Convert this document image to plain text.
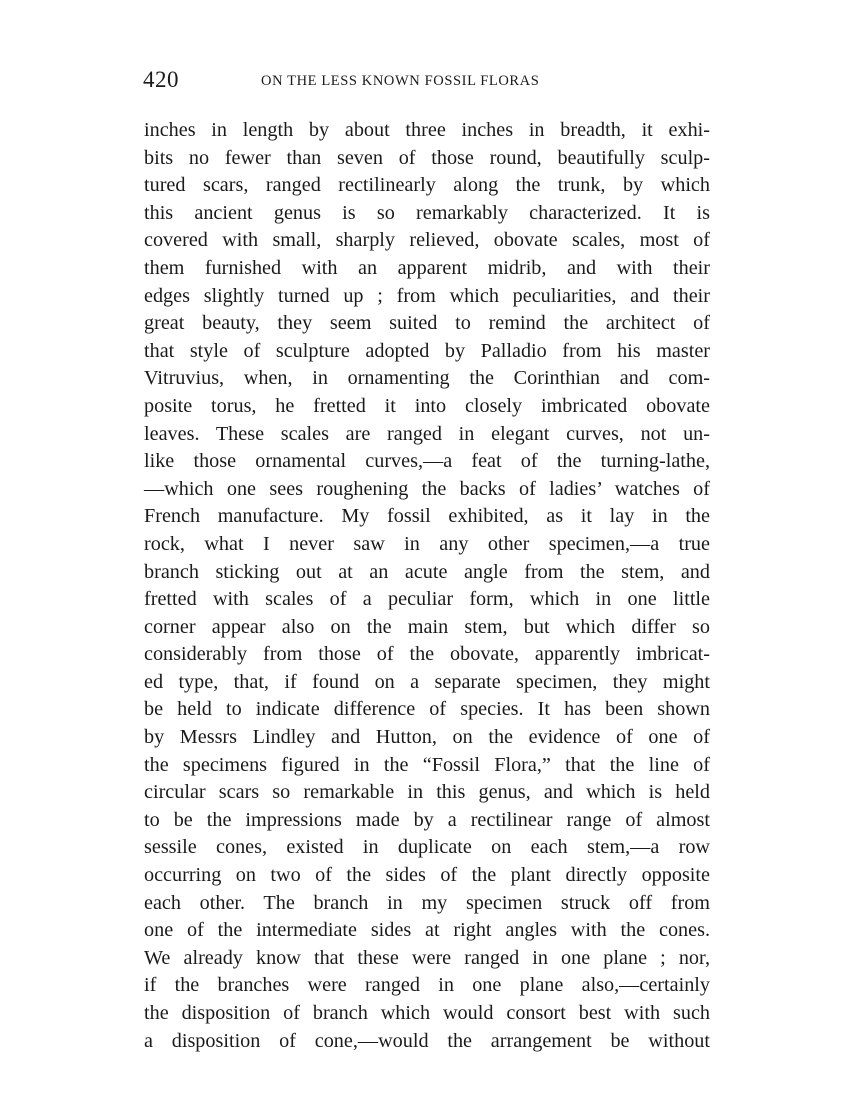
420	ON THE LESS KNOWN FOSSIL FLORAS
inches in length by about three inches in breadth, it exhi-
bits no fewer than seven of those round, beautifully sculp-
tured scars, ranged rectilinearly along the trunk, by which
this ancient genus is so remarkably characterized. It is
covered with small, sharply relieved, obovate scales, most of
them furnished with an apparent midrib, and with their
edges slightly turned up ; from which peculiarities, and their
great beauty, they seem suited to remind the architect of
that style of sculpture adopted by Palladio from his master
Vitruvius, when, in ornamenting the Corinthian and com-
posite torus, he fretted it into closely imbricated obovate
leaves. These scales are ranged in elegant curves, not un-
like those ornamental curves,—a feat of the turning-lathe,
—which one sees roughening the backs of ladies’ watches of
French manufacture. My fossil exhibited, as it lay in the
rock, what I never saw in any other specimen,—a true
branch sticking out at an acute angle from the stem, and
fretted with scales of a peculiar form, which in one little
corner appear also on the main stem, but which differ so
considerably from those of the obovate, apparently imbricat-
ed type, that, if found on a separate specimen, they might
be held to indicate difference of species. It has been shown
by Messrs Lindley and Hutton, on the evidence of one of
the specimens figured in the “Fossil Flora,” that the line of
circular scars so remarkable in this genus, and which is held
to be the impressions made by a rectilinear range of almost
sessile cones, existed in duplicate on each stem,—a row
occurring on two of the sides of the plant directly opposite
each other. The branch in my specimen struck off from
one of the intermediate sides at right angles with the cones.
We already know that these were ranged in one plane ; nor,
if the branches were ranged in one plane also,—certainly
the disposition of branch which would consort best with such
a disposition of cone,—would the arrangement be without
